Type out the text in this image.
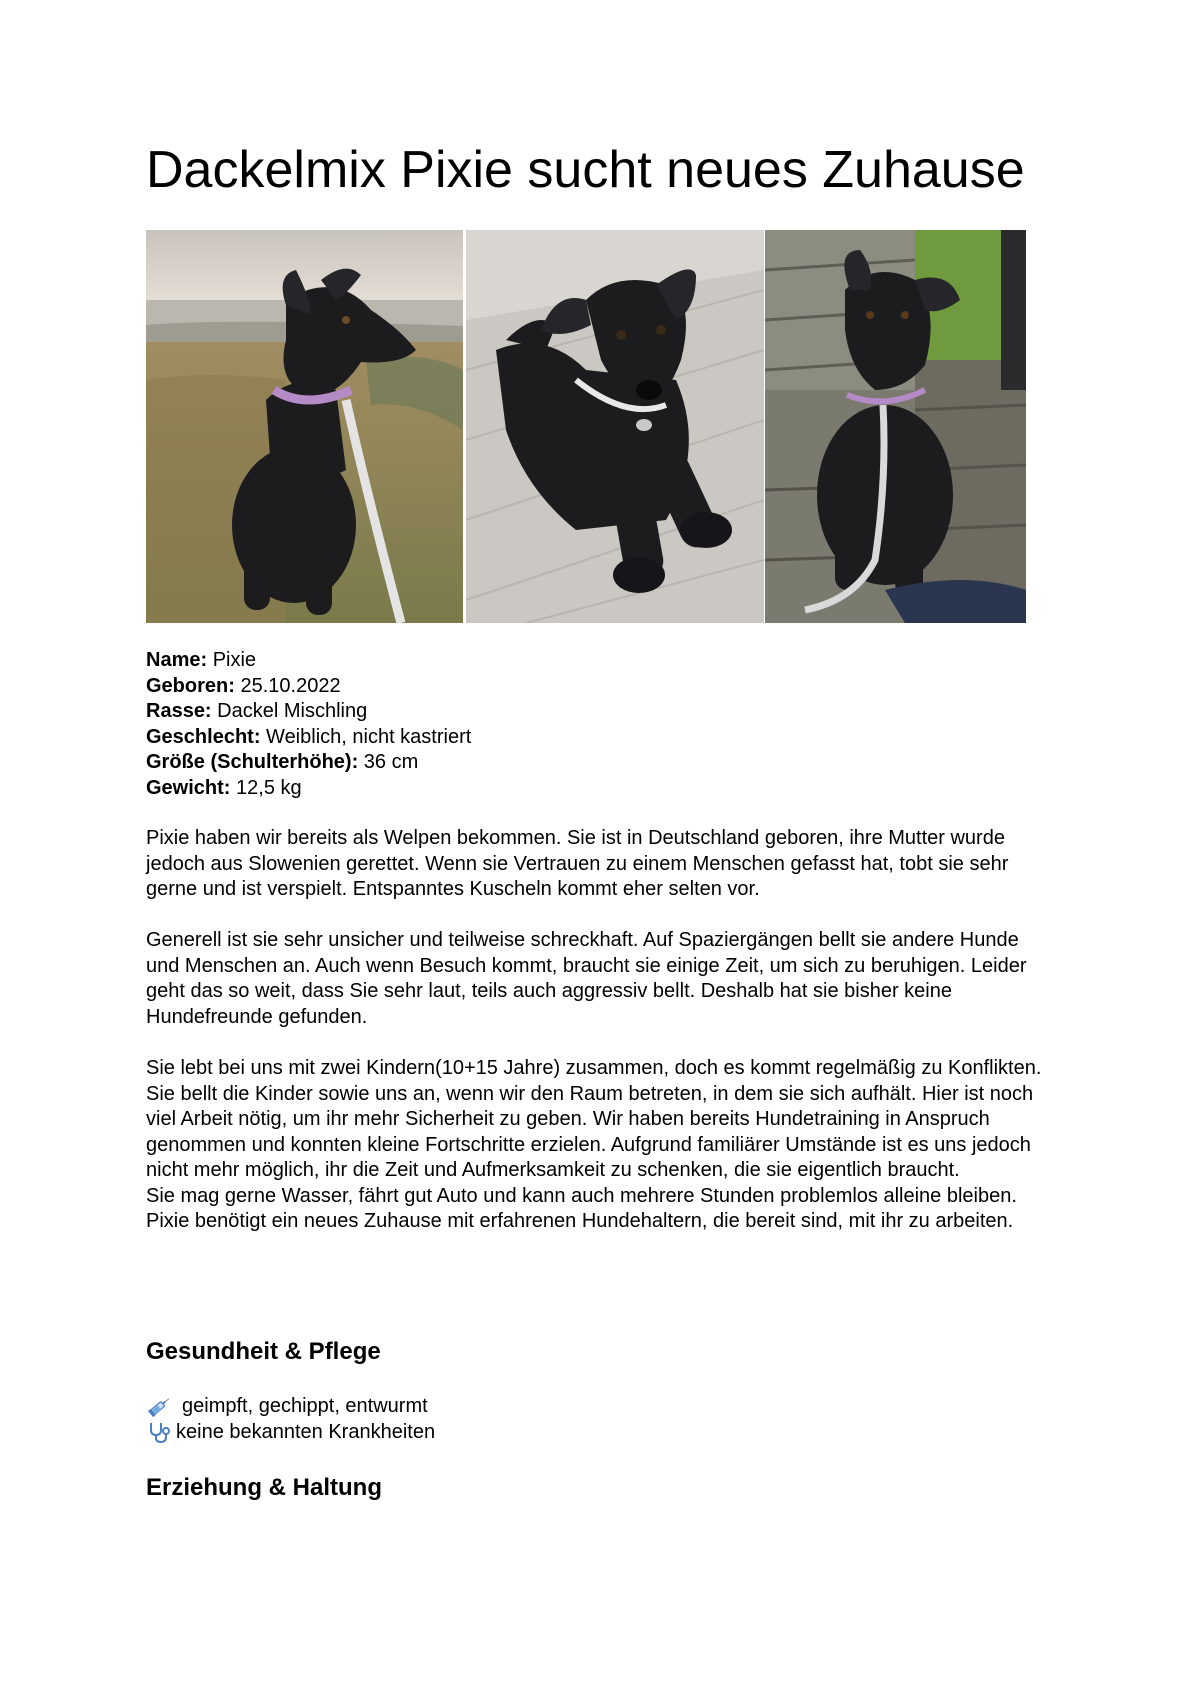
Dackelmix Pixie sucht neues Zuhause
Name: Pixie
Geboren: 25.10.2022
Rasse: Dackel Mischling
Geschlecht: Weiblich, nicht kastriert
Größe (Schulterhöhe): 36 cm
Gewicht: 12,5 kg

Pixie haben wir bereits als Welpen bekommen. Sie ist in Deutschland geboren, ihre Mutter wurde jedoch aus Slowenien gerettet. Wenn sie Vertrauen zu einem Menschen gefasst hat, tobt sie sehr gerne und ist verspielt. Entspanntes Kuscheln kommt eher selten vor.

Generell ist sie sehr unsicher und teilweise schreckhaft. Auf Spaziergängen bellt sie andere Hunde und Menschen an. Auch wenn Besuch kommt, braucht sie einige Zeit, um sich zu beruhigen. Leider geht das so weit, dass Sie sehr laut, teils auch aggressiv bellt. Deshalb hat sie bisher keine Hundefreunde gefunden.

Sie lebt bei uns mit zwei Kindern(10+15 Jahre) zusammen, doch es kommt regelmäßig zu Konflikten. Sie bellt die Kinder sowie uns an, wenn wir den Raum betreten, in dem sie sich aufhält. Hier ist noch viel Arbeit nötig, um ihr mehr Sicherheit zu geben. Wir haben bereits Hundetraining in Anspruch genommen und konnten kleine Fortschritte erzielen. Aufgrund familiärer Umstände ist es uns jedoch nicht mehr möglich, ihr die Zeit und Aufmerksamkeit zu schenken, die sie eigentlich braucht.

Sie mag gerne Wasser, fährt gut Auto und kann auch mehrere Stunden problemlos alleine bleiben. Pixie benötigt ein neues Zuhause mit erfahrenen Hundehaltern, die bereit sind, mit ihr zu arbeiten.

Gesundheit & Pflege
geimpft, gechippt, entwurmt
keine bekannten Krankheiten
Erziehung & Haltung
